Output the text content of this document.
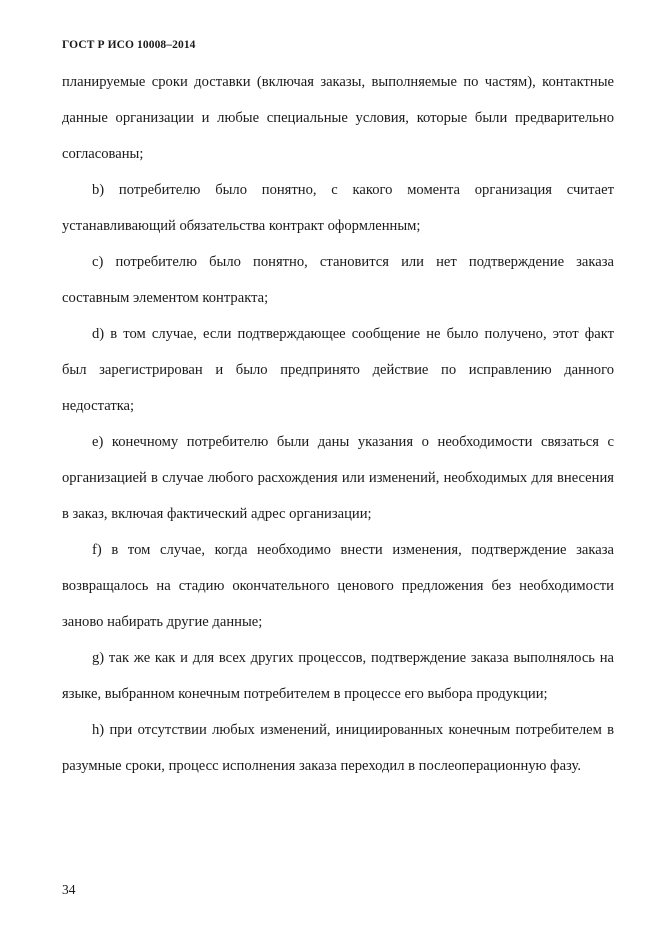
ГОСТ Р ИСО 10008–2014

планируемые сроки доставки (включая заказы, выполняемые по частям), контактные данные организации и любые специальные условия, которые были предварительно согласованы;

b) потребителю было понятно, с какого момента организация считает устанавливающий обязательства контракт оформленным;

с) потребителю было понятно, становится или нет подтверждение заказа составным элементом контракта;

d) в том случае, если подтверждающее сообщение не было получено, этот факт был зарегистрирован и было предпринято действие по исправлению данного недостатка;

е) конечному потребителю были даны указания о необходимости связаться с организацией в случае любого расхождения или изменений, необходимых для внесения в заказ, включая фактический адрес организации;

f) в том случае, когда необходимо внести изменения, подтверждение заказа возвращалось на стадию окончательного ценового предложения без необходимости заново набирать другие данные;

g) так же как и для всех других процессов, подтверждение заказа выполнялось на языке, выбранном конечным потребителем в процессе его выбора продукции;

h) при отсутствии любых изменений, инициированных конечным потребителем в разумные сроки, процесс исполнения заказа переходил в послеоперационную фазу.

34
